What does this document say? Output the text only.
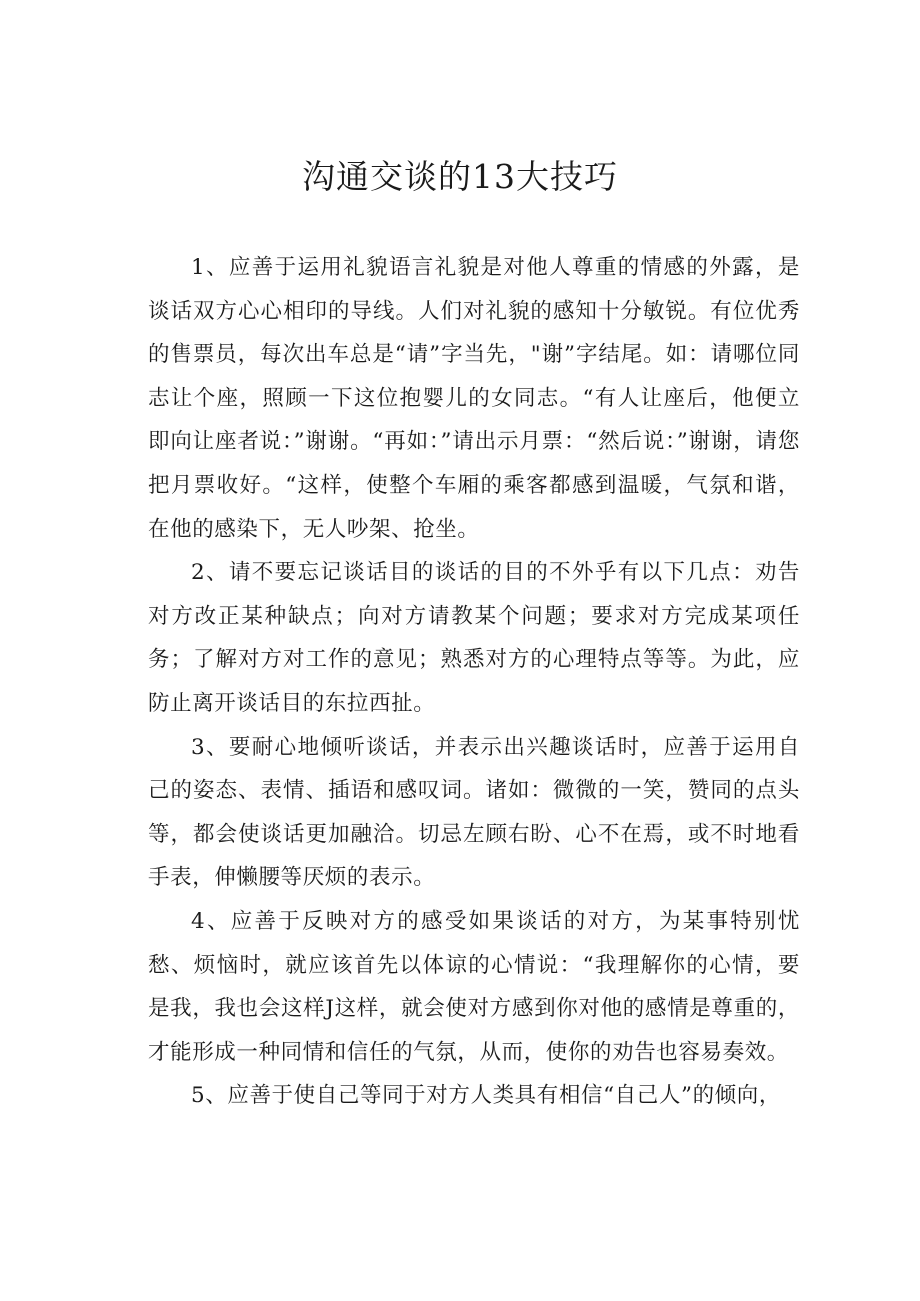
沟通交谈的13大技巧

1、应善于运用礼貌语言礼貌是对他人尊重的情感的外露，是谈话双方心心相印的导线。人们对礼貌的感知十分敏锐。有位优秀的售票员，每次出车总是“请”字当先，"谢”字结尾。如：请哪位同志让个座，照顾一下这位抱婴儿的女同志。“有人让座后，他便立即向让座者说：”谢谢。“再如：”请出示月票：“然后说：”谢谢，请您把月票收好。“这样，使整个车厢的乘客都感到温暖，气氛和谐，在他的感染下，无人吵架、抢坐。

2、请不要忘记谈话目的谈话的目的不外乎有以下几点：劝告对方改正某种缺点；向对方请教某个问题；要求对方完成某项任务；了解对方对工作的意见；熟悉对方的心理特点等等。为此，应防止离开谈话目的东拉西扯。

3、要耐心地倾听谈话，并表示出兴趣谈话时，应善于运用自己的姿态、表情、插语和感叹词。诸如：微微的一笑，赞同的点头等，都会使谈话更加融洽。切忌左顾右盼、心不在焉，或不时地看手表，伸懒腰等厌烦的表示。

4、应善于反映对方的感受如果谈话的对方，为某事特别忧愁、烦恼时，就应该首先以体谅的心情说：“我理解你的心情，要是我，我也会这样J这样，就会使对方感到你对他的感情是尊重的，才能形成一种同情和信任的气氛，从而，使你的劝告也容易奏效。

5、应善于使自己等同于对方人类具有相信“自己人”的倾向，
